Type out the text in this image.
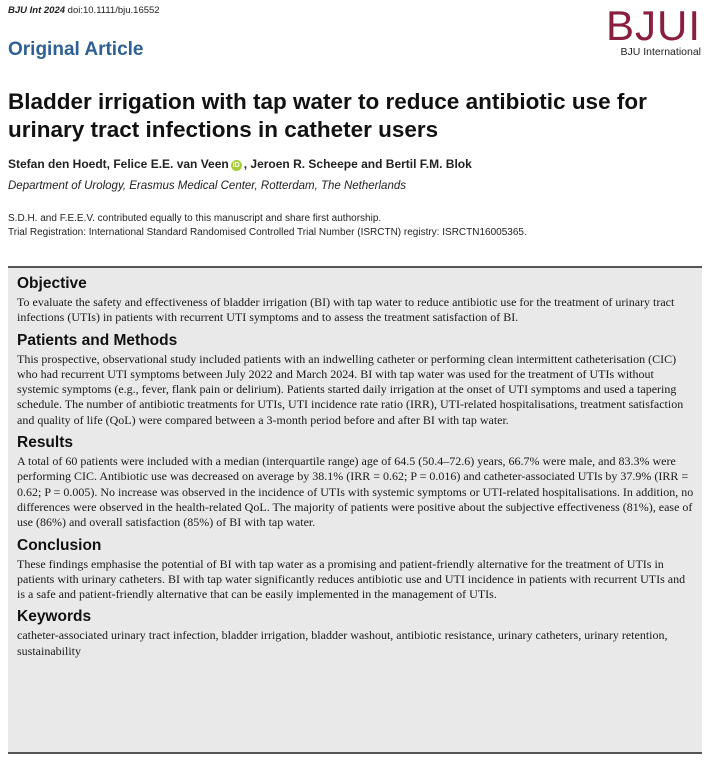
BJU Int 2024 doi:10.1111/bju.16552	BJUI
BJU International
Original Article
Bladder irrigation with tap water to reduce antibiotic use for urinary tract infections in catheter users
Stefan den Hoedt, Felice E.E. van Veen iD , Jeroen R. Scheepe and Bertil F.M. Blok
Department of Urology, Erasmus Medical Center, Rotterdam, The Netherlands
S.D.H. and F.E.E.V. contributed equally to this manuscript and share first authorship.
Trial Registration: International Standard Randomised Controlled Trial Number (ISRCTN) registry: ISRCTN16005365.
Objective

To evaluate the safety and effectiveness of bladder irrigation (BI) with tap water to reduce antibiotic use for the treatment of urinary tract infections (UTIs) in patients with recurrent UTI symptoms and to assess the treatment satisfaction of BI.

Patients and Methods

This prospective, observational study included patients with an indwelling catheter or performing clean intermittent catheterisation (CIC) who had recurrent UTI symptoms between July 2022 and March 2024. BI with tap water was used for the treatment of UTIs without systemic symptoms (e.g., fever, flank pain or delirium). Patients started daily irrigation at the onset of UTI symptoms and used a tapering schedule. The number of antibiotic treatments for UTIs, UTI incidence rate ratio (IRR), UTI-related hospitalisations, treatment satisfaction and quality of life (QoL) were compared between a 3-month period before and after BI with tap water.

Results

A total of 60 patients were included with a median (interquartile range) age of 64.5 (50.4–72.6) years, 66.7% were male, and 83.3% were performing CIC. Antibiotic use was decreased on average by 38.1% (IRR = 0.62; P = 0.016) and catheter-associated UTIs by 37.9% (IRR = 0.62; P = 0.005). No increase was observed in the incidence of UTIs with systemic symptoms or UTI-related hospitalisations. In addition, no differences were observed in the health-related QoL. The majority of patients were positive about the subjective effectiveness (81%), ease of use (86%) and overall satisfaction (85%) of BI with tap water.

Conclusion

These findings emphasise the potential of BI with tap water as a promising and patient-friendly alternative for the treatment of UTIs in patients with urinary catheters. BI with tap water significantly reduces antibiotic use and UTI incidence in patients with recurrent UTIs and is a safe and patient-friendly alternative that can be easily implemented in the management of UTIs.

Keywords

catheter-associated urinary tract infection, bladder irrigation, bladder washout, antibiotic resistance, urinary catheters, urinary retention, sustainability
